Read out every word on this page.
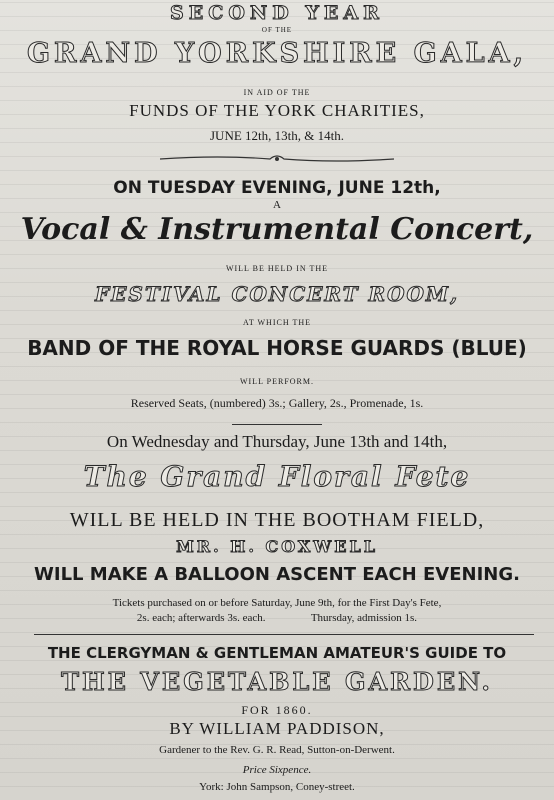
SECOND YEAR
OF THE
GRAND YORKSHIRE GALA,
IN AID OF THE
FUNDS OF THE YORK CHARITIES,
JUNE 12th, 13th, & 14th.
ON TUESDAY EVENING, JUNE 12th,
A
Vocal & Instrumental Concert,
WILL BE HELD IN THE
FESTIVAL CONCERT ROOM,
AT WHICH THE
BAND OF THE ROYAL HORSE GUARDS (BLUE)
WILL PERFORM.
Reserved Seats, (numbered) 3s.; Gallery, 2s., Promenade, 1s.
On Wednesday and Thursday, June 13th and 14th,
The Grand Floral Fete
WILL BE HELD IN THE BOOTHAM FIELD,
MR. H. COXWELL
WILL MAKE A BALLOON ASCENT EACH EVENING.
Tickets purchased on or before Saturday, June 9th, for the First Day's Fete,
2s. each; afterwards 3s. each.	Thursday, admission 1s.
THE CLERGYMAN & GENTLEMAN AMATEUR'S GUIDE TO
THE VEGETABLE GARDEN.
FOR 1860.
BY WILLIAM PADDISON,
Gardener to the Rev. G. R. Read, Sutton-on-Derwent.
Price Sixpence.
York: John Sampson, Coney-street.
